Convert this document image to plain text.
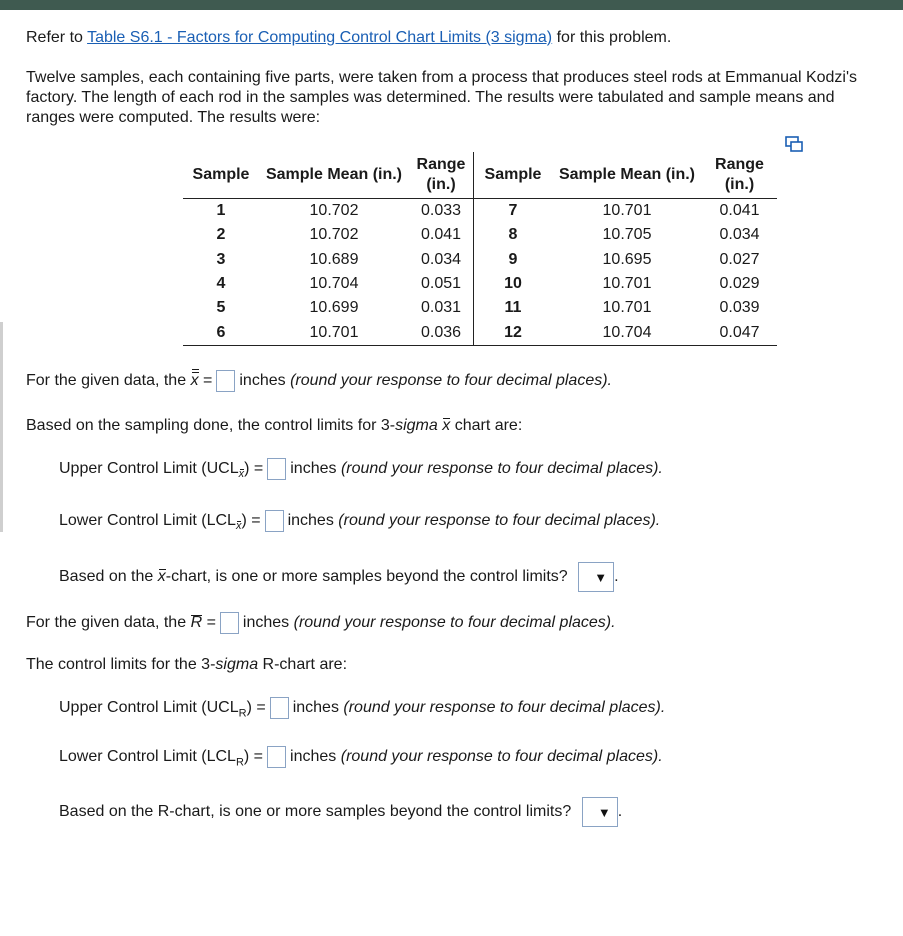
Refer to Table S6.1 - Factors for Computing Control Chart Limits (3 sigma) for this problem.

Twelve samples, each containing five parts, were taken from a process that produces steel rods at Emmanual Kodzi's factory. The length of each rod in the samples was determined. The results were tabulated and sample means and ranges were computed. The results were:

Sample	Sample Mean (in.)	Range (in.)	Sample	Sample Mean (in.)	Range (in.)
1	10.702	0.033	7	10.701	0.041
2	10.702	0.041	8	10.705	0.034
3	10.689	0.034	9	10.695	0.027
4	10.704	0.051	10	10.701	0.029
5	10.699	0.031	11	10.701	0.039
6	10.701	0.036	12	10.704	0.047

For the given data, the x = inches (round your response to four decimal places).

Based on the sampling done, the control limits for 3-sigma x chart are:

Upper Control Limit $(UCL_x)$ = inches (round your response to four decimal places).

Lower Control Limit $(LCL_x)$ = inches (round your response to four decimal places).

Based on the x-chart, is one or more samples beyond the control limits? ▼ .

For the given data, the R = inches (round your response to four decimal places).

The control limits for the 3-sigma R-chart are:

Upper Control Limit $(UCL_R)$ = inches (round your response to four decimal places).

Lower Control Limit $(LCL_R)$ = inches (round your response to four decimal places).

Based on the R-chart, is one or more samples beyond the control limits? ▼ .
